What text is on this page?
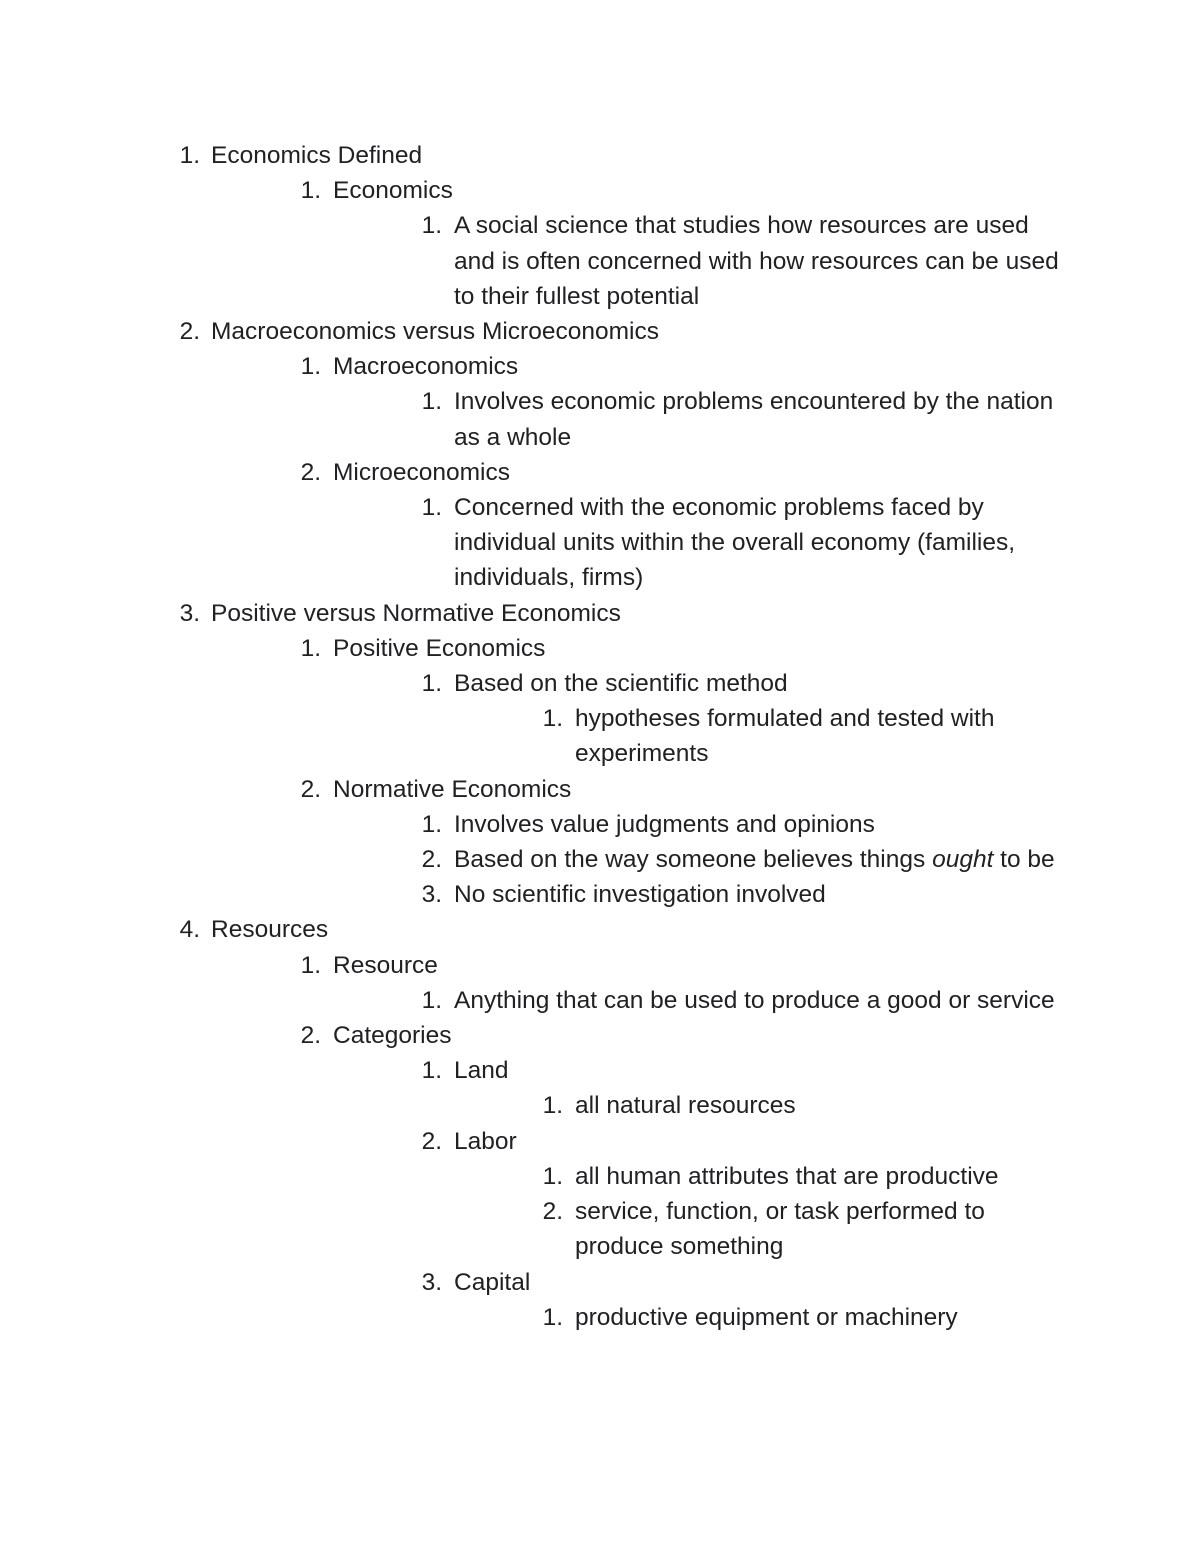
1. Economics Defined
1. Economics
1. A social science that studies how resources are used and is often concerned with how resources can be used to their fullest potential
2. Macroeconomics versus Microeconomics
1. Macroeconomics
1. Involves economic problems encountered by the nation as a whole
2. Microeconomics
1. Concerned with the economic problems faced by individual units within the overall economy (families, individuals, firms)
3. Positive versus Normative Economics
1. Positive Economics
1. Based on the scientific method
1. hypotheses formulated and tested with experiments
2. Normative Economics
1. Involves value judgments and opinions
2. Based on the way someone believes things ought to be
3. No scientific investigation involved
4. Resources
1. Resource
1. Anything that can be used to produce a good or service
2. Categories
1. Land
1. all natural resources
2. Labor
1. all human attributes that are productive
2. service, function, or task performed to produce something
3. Capital
1. productive equipment or machinery
